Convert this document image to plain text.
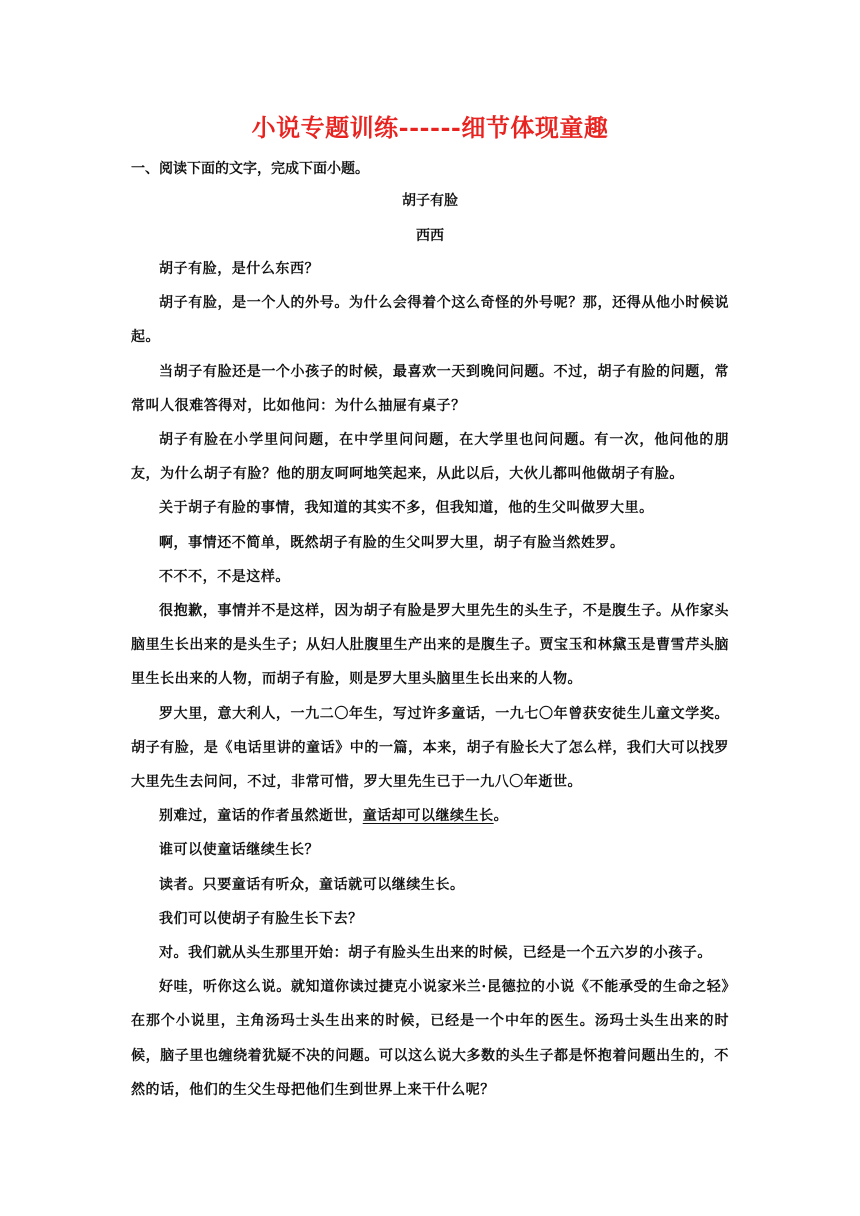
小说专题训练------细节体现童趣
一、阅读下面的文字，完成下面小题。
胡子有脸
西西

胡子有脸，是什么东西？

胡子有脸，是一个人的外号。为什么会得着个这么奇怪的外号呢？那，还得从他小时候说起。

当胡子有脸还是一个小孩子的时候，最喜欢一天到晚问问题。不过，胡子有脸的问题，常常叫人很难答得对，比如他问：为什么抽屉有桌子？

胡子有脸在小学里问问题，在中学里问问题，在大学里也问问题。有一次，他问他的朋友，为什么胡子有脸？他的朋友呵呵地笑起来，从此以后，大伙儿都叫他做胡子有脸。

关于胡子有脸的事情，我知道的其实不多，但我知道，他的生父叫做罗大里。

啊，事情还不简单，既然胡子有脸的生父叫罗大里，胡子有脸当然姓罗。

不不不，不是这样。

很抱歉，事情并不是这样，因为胡子有脸是罗大里先生的头生子，不是腹生子。从作家头脑里生长出来的是头生子；从妇人肚腹里生产出来的是腹生子。贾宝玉和林黛玉是曹雪芹头脑里生长出来的人物，而胡子有脸，则是罗大里头脑里生长出来的人物。

罗大里，意大利人，一九二〇年生，写过许多童话，一九七〇年曾获安徒生儿童文学奖。胡子有脸，是《电话里讲的童话》中的一篇，本来，胡子有脸长大了怎么样，我们大可以找罗大里先生去问问，不过，非常可惜，罗大里先生已于一九八〇年逝世。

别难过，童话的作者虽然逝世，童话却可以继续生长。

谁可以使童话继续生长？

读者。只要童话有听众，童话就可以继续生长。

我们可以使胡子有脸生长下去？

对。我们就从头生那里开始：胡子有脸头生出来的时候，已经是一个五六岁的小孩子。

好哇，听你这么说。就知道你读过捷克小说家米兰·昆德拉的小说《不能承受的生命之轻》在那个小说里，主角汤玛士头生出来的时候，已经是一个中年的医生。汤玛士头生出来的时候，脑子里也缠绕着犹疑不决的问题。可以这么说大多数的头生子都是怀抱着问题出生的，不然的话，他们的生父生母把他们生到世界上来干什么呢？
